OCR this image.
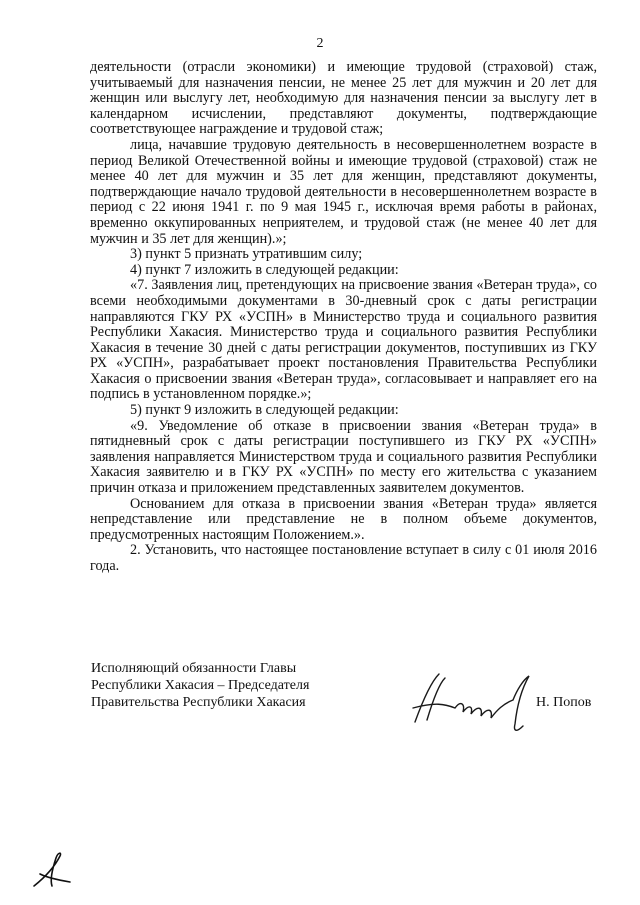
2

деятельности (отрасли экономики) и имеющие трудовой (страховой) стаж, учитываемый для назначения пенсии, не менее 25 лет для мужчин и 20 лет для женщин или выслугу лет, необходимую для назначения пенсии за выслугу лет в календарном исчислении, представляют документы, подтверждающие соответствующее награждение и трудовой стаж;

лица, начавшие трудовую деятельность в несовершеннолетнем возрасте в период Великой Отечественной войны и имеющие трудовой (страховой) стаж не менее 40 лет для мужчин и 35 лет для женщин, представляют документы, подтверждающие начало трудовой деятельности в несовершеннолетнем возрасте в период с 22 июня 1941 г. по 9 мая 1945 г., исключая время работы в районах, временно оккупированных неприятелем, и трудовой стаж (не менее 40 лет для мужчин и 35 лет для женщин).»;

3) пункт 5 признать утратившим силу;

4) пункт 7 изложить в следующей редакции:

«7. Заявления лиц, претендующих на присвоение звания «Ветеран труда», со всеми необходимыми документами в 30-дневный срок с даты регистрации направляются ГКУ РХ «УСПН» в Министерство труда и социального развития Республики Хакасия. Министерство труда и социального развития Республики Хакасия в течение 30 дней с даты регистрации документов, поступивших из ГКУ РХ «УСПН», разрабатывает проект постановления Правительства Республики Хакасия о присвоении звания «Ветеран труда», согласовывает и направляет его на подпись в установленном порядке.»;

5) пункт 9 изложить в следующей редакции:

«9. Уведомление об отказе в присвоении звания «Ветеран труда» в пятидневный срок с даты регистрации поступившего из ГКУ РХ «УСПН» заявления направляется Министерством труда и социального развития Республики Хакасия заявителю и в ГКУ РХ «УСПН» по месту его жительства с указанием причин отказа и приложением представленных заявителем документов.

Основанием для отказа в присвоении звания «Ветеран труда» является непредставление или представление не в полном объеме документов, предусмотренных настоящим Положением.».

2. Установить, что настоящее постановление вступает в силу с 01 июля 2016 года.

Исполняющий обязанности Главы
Республики Хакасия – Председателя
Правительства Республики Хакасия	Н. Попов
